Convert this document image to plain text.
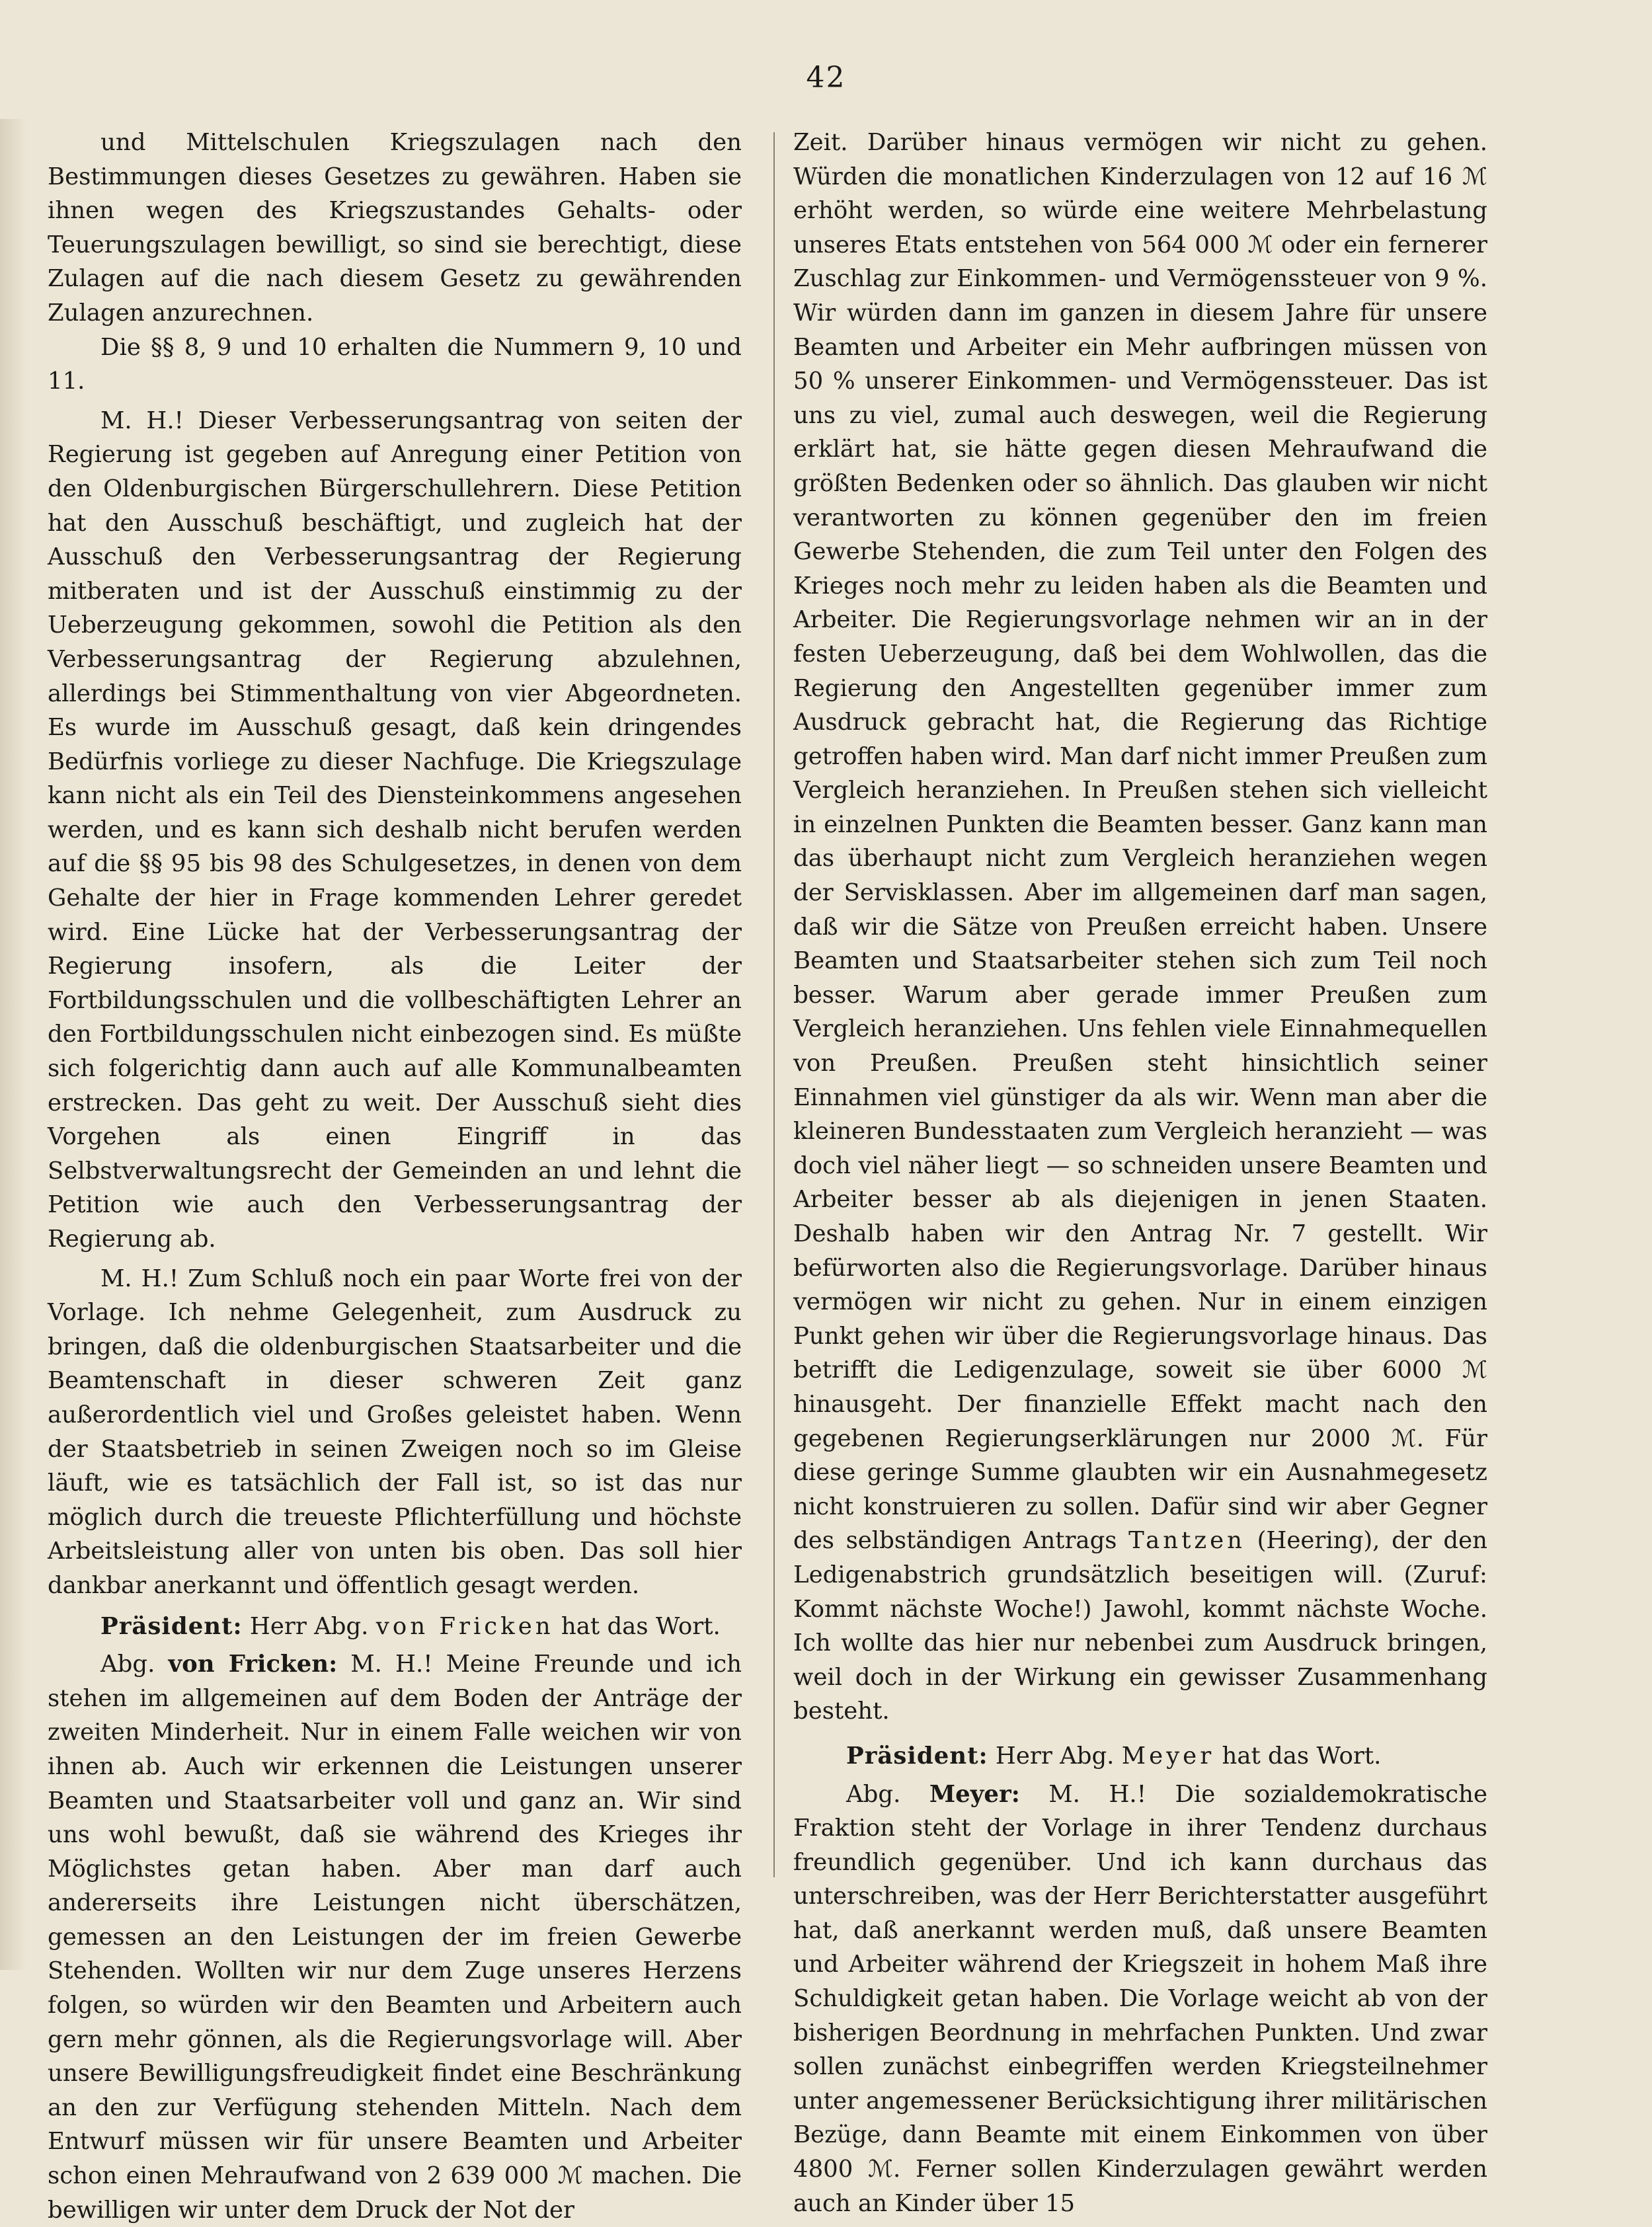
42

und Mittelschulen Kriegszulagen nach den Bestimmungen dieses Gesetzes zu gewähren. Haben sie ihnen wegen des Kriegszustandes Gehalts- oder Teuerungszulagen bewilligt, so sind sie berechtigt, diese Zulagen auf die nach diesem Gesetz zu gewährenden Zulagen anzurechnen.

Die §§ 8, 9 und 10 erhalten die Nummern 9, 10 und 11.

M. H.! Dieser Verbesserungsantrag von seiten der Regierung ist gegeben auf Anregung einer Petition von den Oldenburgischen Bürgerschullehrern. Diese Petition hat den Ausschuß beschäftigt, und zugleich hat der Ausschuß den Verbesserungsantrag der Regierung mitberaten und ist der Ausschuß einstimmig zu der Ueberzeugung gekommen, sowohl die Petition als den Verbesserungsantrag der Regierung abzulehnen, allerdings bei Stimmenthaltung von vier Abgeordneten. Es wurde im Ausschuß gesagt, daß kein dringendes Bedürfnis vorliege zu dieser Nachfuge. Die Kriegszulage kann nicht als ein Teil des Diensteinkommens angesehen werden, und es kann sich deshalb nicht berufen werden auf die §§ 95 bis 98 des Schulgesetzes, in denen von dem Gehalte der hier in Frage kommenden Lehrer geredet wird. Eine Lücke hat der Verbesserungsantrag der Regierung insofern, als die Leiter der Fortbildungsschulen und die vollbeschäftigten Lehrer an den Fortbildungsschulen nicht einbezogen sind. Es müßte sich folgerichtig dann auch auf alle Kommunalbeamten erstrecken. Das geht zu weit. Der Ausschuß sieht dies Vorgehen als einen Eingriff in das Selbstverwaltungsrecht der Gemeinden an und lehnt die Petition wie auch den Verbesserungsantrag der Regierung ab.

M. H.! Zum Schluß noch ein paar Worte frei von der Vorlage. Ich nehme Gelegenheit, zum Ausdruck zu bringen, daß die oldenburgischen Staatsarbeiter und die Beamtenschaft in dieser schweren Zeit ganz außerordentlich viel und Großes geleistet haben. Wenn der Staatsbetrieb in seinen Zweigen noch so im Gleise läuft, wie es tatsächlich der Fall ist, so ist das nur möglich durch die treueste Pflichterfüllung und höchste Arbeitsleistung aller von unten bis oben. Das soll hier dankbar anerkannt und öffentlich gesagt werden.

Präsident: Herr Abg. von Fricken hat das Wort.

Abg. von Fricken: M. H.! Meine Freunde und ich stehen im allgemeinen auf dem Boden der Anträge der zweiten Minderheit. Nur in einem Falle weichen wir von ihnen ab. Auch wir erkennen die Leistungen unserer Beamten und Staatsarbeiter voll und ganz an. Wir sind uns wohl bewußt, daß sie während des Krieges ihr Möglichstes getan haben. Aber man darf auch andererseits ihre Leistungen nicht überschätzen, gemessen an den Leistungen der im freien Gewerbe Stehenden. Wollten wir nur dem Zuge unseres Herzens folgen, so würden wir den Beamten und Arbeitern auch gern mehr gönnen, als die Regierungsvorlage will. Aber unsere Bewilligungsfreudigkeit findet eine Beschränkung an den zur Verfügung stehenden Mitteln. Nach dem Entwurf müssen wir für unsere Beamten und Arbeiter schon einen Mehraufwand von 2 639 000 ℳ machen. Die bewilligen wir unter dem Druck der Not der

Zeit. Darüber hinaus vermögen wir nicht zu gehen. Würden die monatlichen Kinderzulagen von 12 auf 16 ℳ erhöht werden, so würde eine weitere Mehrbelastung unseres Etats entstehen von 564 000 ℳ oder ein fernerer Zuschlag zur Einkommen- und Vermögenssteuer von 9 %. Wir würden dann im ganzen in diesem Jahre für unsere Beamten und Arbeiter ein Mehr aufbringen müssen von 50 % unserer Einkommen- und Vermögenssteuer. Das ist uns zu viel, zumal auch deswegen, weil die Regierung erklärt hat, sie hätte gegen diesen Mehraufwand die größten Bedenken oder so ähnlich. Das glauben wir nicht verantworten zu können gegenüber den im freien Gewerbe Stehenden, die zum Teil unter den Folgen des Krieges noch mehr zu leiden haben als die Beamten und Arbeiter. Die Regierungsvorlage nehmen wir an in der festen Ueberzeugung, daß bei dem Wohlwollen, das die Regierung den Angestellten gegenüber immer zum Ausdruck gebracht hat, die Regierung das Richtige getroffen haben wird. Man darf nicht immer Preußen zum Vergleich heranziehen. In Preußen stehen sich vielleicht in einzelnen Punkten die Beamten besser. Ganz kann man das überhaupt nicht zum Vergleich heranziehen wegen der Servisklassen. Aber im allgemeinen darf man sagen, daß wir die Sätze von Preußen erreicht haben. Unsere Beamten und Staatsarbeiter stehen sich zum Teil noch besser. Warum aber gerade immer Preußen zum Vergleich heranziehen. Uns fehlen viele Einnahmequellen von Preußen. Preußen steht hinsichtlich seiner Einnahmen viel günstiger da als wir. Wenn man aber die kleineren Bundesstaaten zum Vergleich heranzieht — was doch viel näher liegt — so schneiden unsere Beamten und Arbeiter besser ab als diejenigen in jenen Staaten. Deshalb haben wir den Antrag Nr. 7 gestellt. Wir befürworten also die Regierungsvorlage. Darüber hinaus vermögen wir nicht zu gehen. Nur in einem einzigen Punkt gehen wir über die Regierungsvorlage hinaus. Das betrifft die Ledigenzulage, soweit sie über 6000 ℳ hinausgeht. Der finanzielle Effekt macht nach den gegebenen Regierungserklärungen nur 2000 ℳ. Für diese geringe Summe glaubten wir ein Ausnahmegesetz nicht konstruieren zu sollen. Dafür sind wir aber Gegner des selbständigen Antrags Tantzen (Heering), der den Ledigenabstrich grundsätzlich beseitigen will. (Zuruf: Kommt nächste Woche!) Jawohl, kommt nächste Woche. Ich wollte das hier nur nebenbei zum Ausdruck bringen, weil doch in der Wirkung ein gewisser Zusammenhang besteht.

Präsident: Herr Abg. Meyer hat das Wort.

Abg. Meyer: M. H.! Die sozialdemokratische Fraktion steht der Vorlage in ihrer Tendenz durchaus freundlich gegenüber. Und ich kann durchaus das unterschreiben, was der Herr Berichterstatter ausgeführt hat, daß anerkannt werden muß, daß unsere Beamten und Arbeiter während der Kriegszeit in hohem Maß ihre Schuldigkeit getan haben. Die Vorlage weicht ab von der bisherigen Beordnung in mehrfachen Punkten. Und zwar sollen zunächst einbegriffen werden Kriegsteilnehmer unter angemessener Berücksichtigung ihrer militärischen Bezüge, dann Beamte mit einem Einkommen von über 4800 ℳ. Ferner sollen Kinderzulagen gewährt werden auch an Kinder über 15
